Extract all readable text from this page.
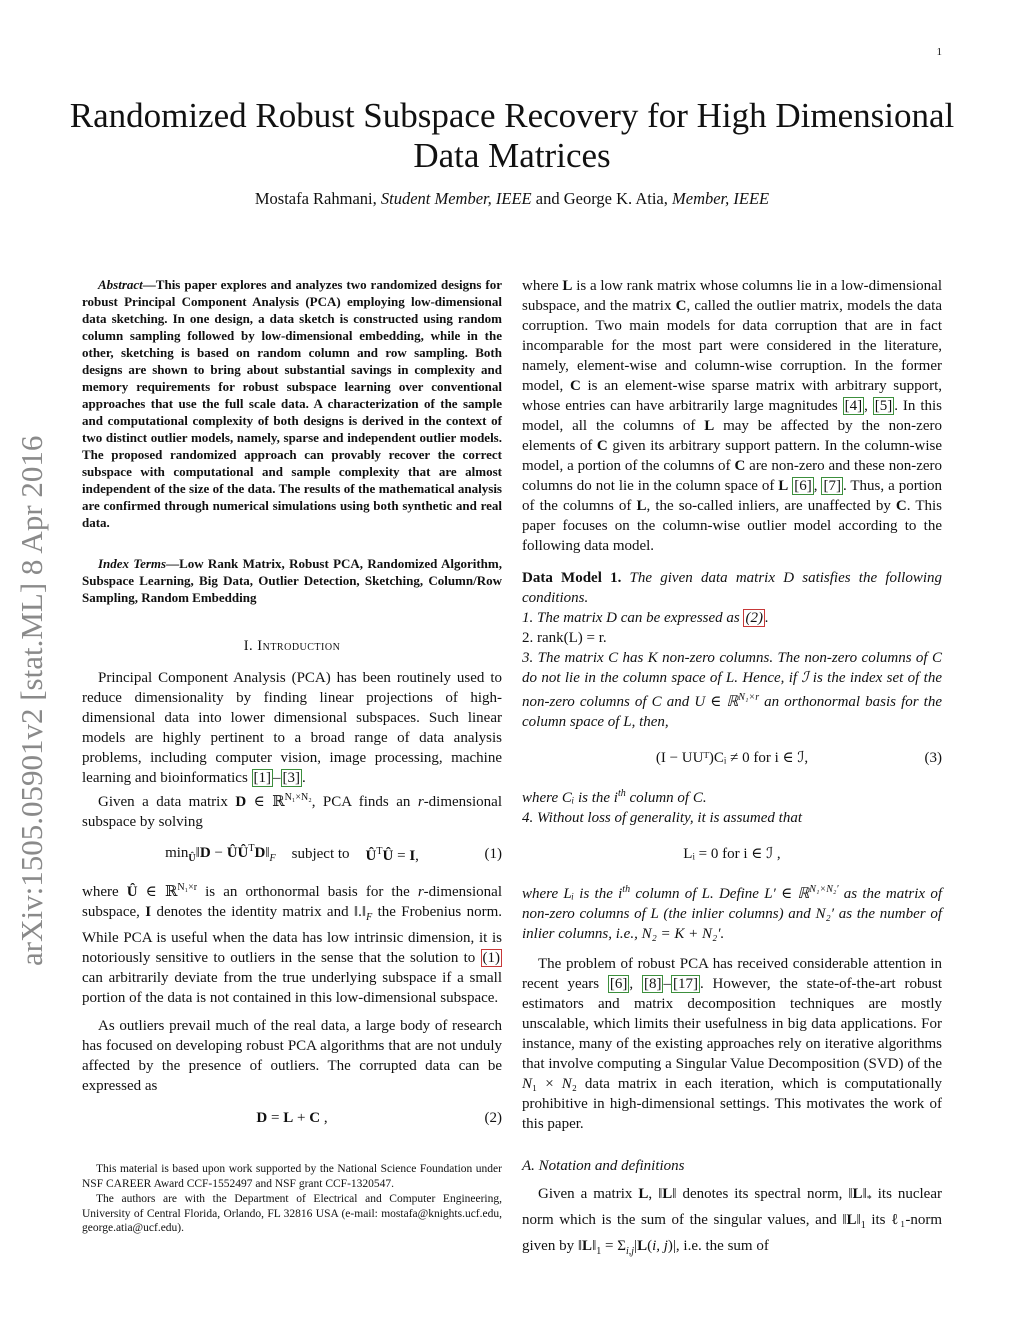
1
arXiv:1505.05901v2 [stat.ML] 8 Apr 2016
Randomized Robust Subspace Recovery for High Dimensional
Data Matrices
Mostafa Rahmani, Student Member, IEEE and George K. Atia, Member, IEEE

Abstract—This paper explores and analyzes two randomized designs for robust Principal Component Analysis (PCA) employing low-dimensional data sketching. In one design, a data sketch is constructed using random column sampling followed by low-dimensional embedding, while in the other, sketching is based on random column and row sampling. Both designs are shown to bring about substantial savings in complexity and memory requirements for robust subspace learning over conventional approaches that use the full scale data. A characterization of the sample and computational complexity of both designs is derived in the context of two distinct outlier models, namely, sparse and independent outlier models. The proposed randomized approach can provably recover the correct subspace with computational and sample complexity that are almost independent of the size of the data. The results of the mathematical analysis are confirmed through numerical simulations using both synthetic and real data.

Index Terms—Low Rank Matrix, Robust PCA, Randomized Algorithm, Subspace Learning, Big Data, Outlier Detection, Sketching, Column/Row Sampling, Random Embedding

I. Introduction

Principal Component Analysis (PCA) has been routinely used to reduce dimensionality by finding linear projections of high-dimensional data into lower dimensional subspaces. Such linear models are highly pertinent to a broad range of data analysis problems, including computer vision, image processing, machine learning and bioinformatics [1] – [3] .

Given a data matrix D ∈ ℝ$^{N_1\times N_2}$, PCA finds an r-dimensional subspace by solving

$\min_Û‖D$ − $ÛÛ^TD‖_F$ subject to $Û^TÛ = I$,	(1)

where Û ∈ ℝ$^{N_1\times r}$ is an orthonormal basis for the r-dimensional subspace, I denotes the identity matrix and $‖.‖_F$ the Frobenius norm. While PCA is useful when the data has low intrinsic dimension, it is notoriously sensitive to outliers in the sense that the solution to (1) can arbitrarily deviate from the true underlying subspace if a small portion of the data is not contained in this low-dimensional subspace.

As outliers prevail much of the real data, a large body of research has focused on developing robust PCA algorithms that are not unduly affected by the presence of outliers. The corrupted data can be expressed as

D = L + C ,	(2)

This material is based upon work supported by the National Science Foundation under NSF CAREER Award CCF-1552497 and NSF grant CCF-1320547.

The authors are with the Department of Electrical and Computer Engineering, University of Central Florida, Orlando, FL 32816 USA (e-mail: mostafa@knights.ucf.edu, george.atia@ucf.edu).

where L is a low rank matrix whose columns lie in a low-dimensional subspace, and the matrix C, called the outlier matrix, models the data corruption. Two main models for data corruption that are in fact incomparable for the most part were considered in the literature, namely, element-wise and column-wise corruption. In the former model, C is an element-wise sparse matrix with arbitrary support, whose entries can have arbitrarily large magnitudes [4] , [5] . In this model, all the columns of L may be affected by the non-zero elements of C given its arbitrary support pattern. In the column-wise model, a portion of the columns of C are non-zero and these non-zero columns do not lie in the column space of L [6] , [7] . Thus, a portion of the columns of L, the so-called inliers, are unaffected by C. This paper focuses on the column-wise outlier model according to the following data model.

Data Model 1. The given data matrix D satisfies the following conditions.

1. The matrix D can be expressed as (2) .

2. rank(L) = r.

3. The matrix C has K non-zero columns. The non-zero columns of C do not lie in the column space of L. Hence, if ℐ is the index set of the non-zero columns of C and U ∈ ℝ$^{N_1\times r}$ an orthonormal basis for the column space of L, then,

(I − UUᵀ)Cᵢ ≠ 0 for i ∈ ℐ,	(3)

where Cᵢ is the $i^{th}$ column of C.

4. Without loss of generality, it is assumed that

Lᵢ = 0 for i ∈ ℐ ,

where Lᵢ is the $i^{th}$ column of L. Define L′ ∈ ℝ$^{N_1\times N_2'}$ as the matrix of non-zero columns of L (the inlier columns) and N₂′ as the number of inlier columns, i.e., N₂ = K + N₂′.

The problem of robust PCA has received considerable attention in recent years [6] , [8] – [17] . However, the state-of-the-art robust estimators and matrix decomposition techniques are mostly unscalable, which limits their usefulness in big data applications. For instance, many of the existing approaches rely on iterative algorithms that involve computing a Singular Value Decomposition (SVD) of the N₁ × N₂ data matrix in each iteration, which is computationally prohibitive in high-dimensional settings. This motivates the work of this paper.

A. Notation and definitions

Given a matrix L, ‖L‖ denotes its spectral norm, $‖L‖_*$ its nuclear norm which is the sum of the singular values, and $‖L‖_1$ its ℓ₁-norm given by $‖L‖_1 = \Sigma_{i,j}|L(i$, j)|, i.e. the sum of
